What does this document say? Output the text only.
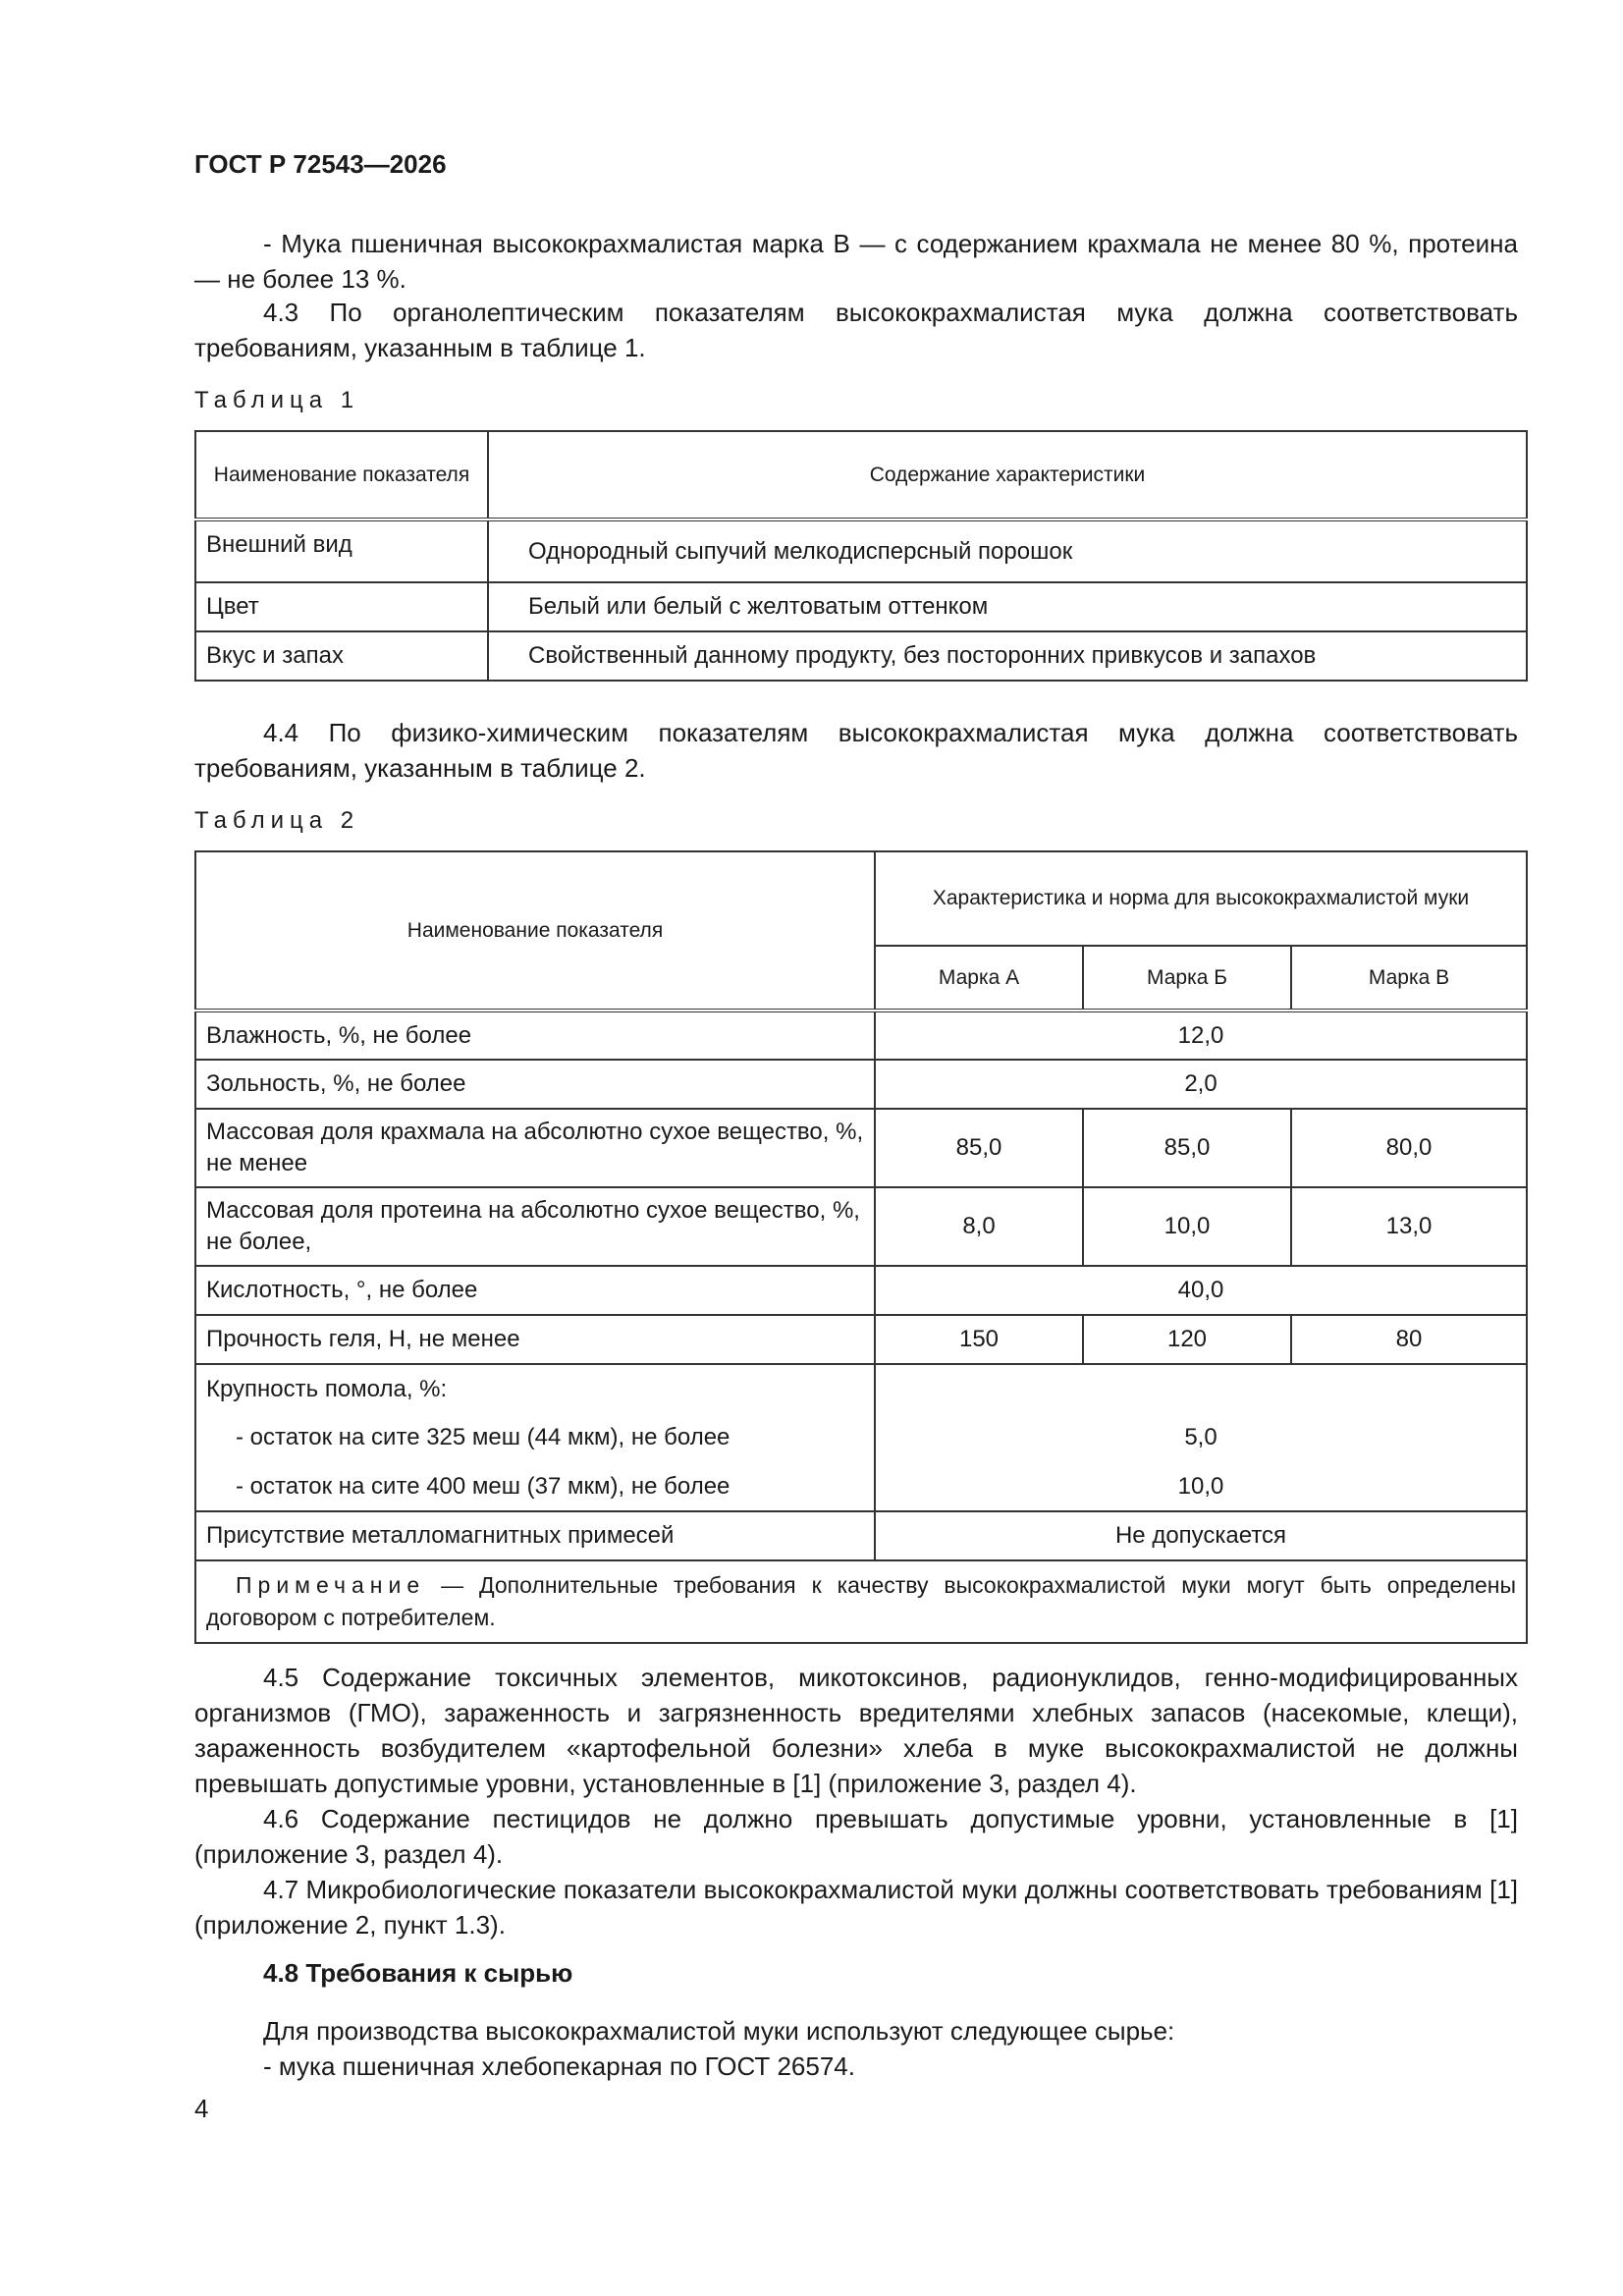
ГОСТ Р 72543—2026
- Мука пшеничная высококрахмалистая марка В — с содержанием крахмала не менее 80 %, протеина — не более 13 %.
4.3 По органолептическим показателям высококрахмалистая мука должна соответствовать требованиям, указанным в таблице 1.
Таблица 1
Наименование показателя	Содержание характеристики
Внешний вид	Однородный сыпучий мелкодисперсный порошок
Цвет	Белый или белый с желтоватым оттенком
Вкус и запах	Свойственный данному продукту, без посторонних привкусов и запахов
4.4 По физико-химическим показателям высококрахмалистая мука должна соответствовать требованиям, указанным в таблице 2.
Таблица 2
Наименование показателя	Характеристика и норма для высококрахмалистой муки		
	Марка А	Марка Б	Марка В
Влажность, %, не более	12,0		
Зольность, %, не более	2,0		
Массовая доля крахмала на абсолютно сухое вещество, %, не менее	85,0	85,0	80,0
Массовая доля протеина на абсолютно сухое вещество, %, не более,	8,0	10,0	13,0
Кислотность, °, не более	40,0		
Прочность геля, Н, не менее	150	120	80
Крупность помола, %:			
- остаток на сите 325 меш (44 мкм), не более	5,0		
- остаток на сите 400 меш (37 мкм), не более	10,0		
Присутствие металломагнитных примесей	Не допускается		
Примечание — Дополнительные требования к качеству высококрахмалистой муки могут быть определены договором с потребителем.			
4.5 Содержание токсичных элементов, микотоксинов, радионуклидов, генно-модифицированных организмов (ГМО), зараженность и загрязненность вредителями хлебных запасов (насекомые, клещи), зараженность возбудителем «картофельной болезни» хлеба в муке высококрахмалистой не должны превышать допустимые уровни, установленные в [1] (приложение 3, раздел 4).
4.6 Содержание пестицидов не должно превышать допустимые уровни, установленные в [1] (приложение 3, раздел 4).
4.7 Микробиологические показатели высококрахмалистой муки должны соответствовать требованиям [1] (приложение 2, пункт 1.3).
4.8 Требования к сырью
Для производства высококрахмалистой муки используют следующее сырье:
- мука пшеничная хлебопекарная по ГОСТ 26574.
4
